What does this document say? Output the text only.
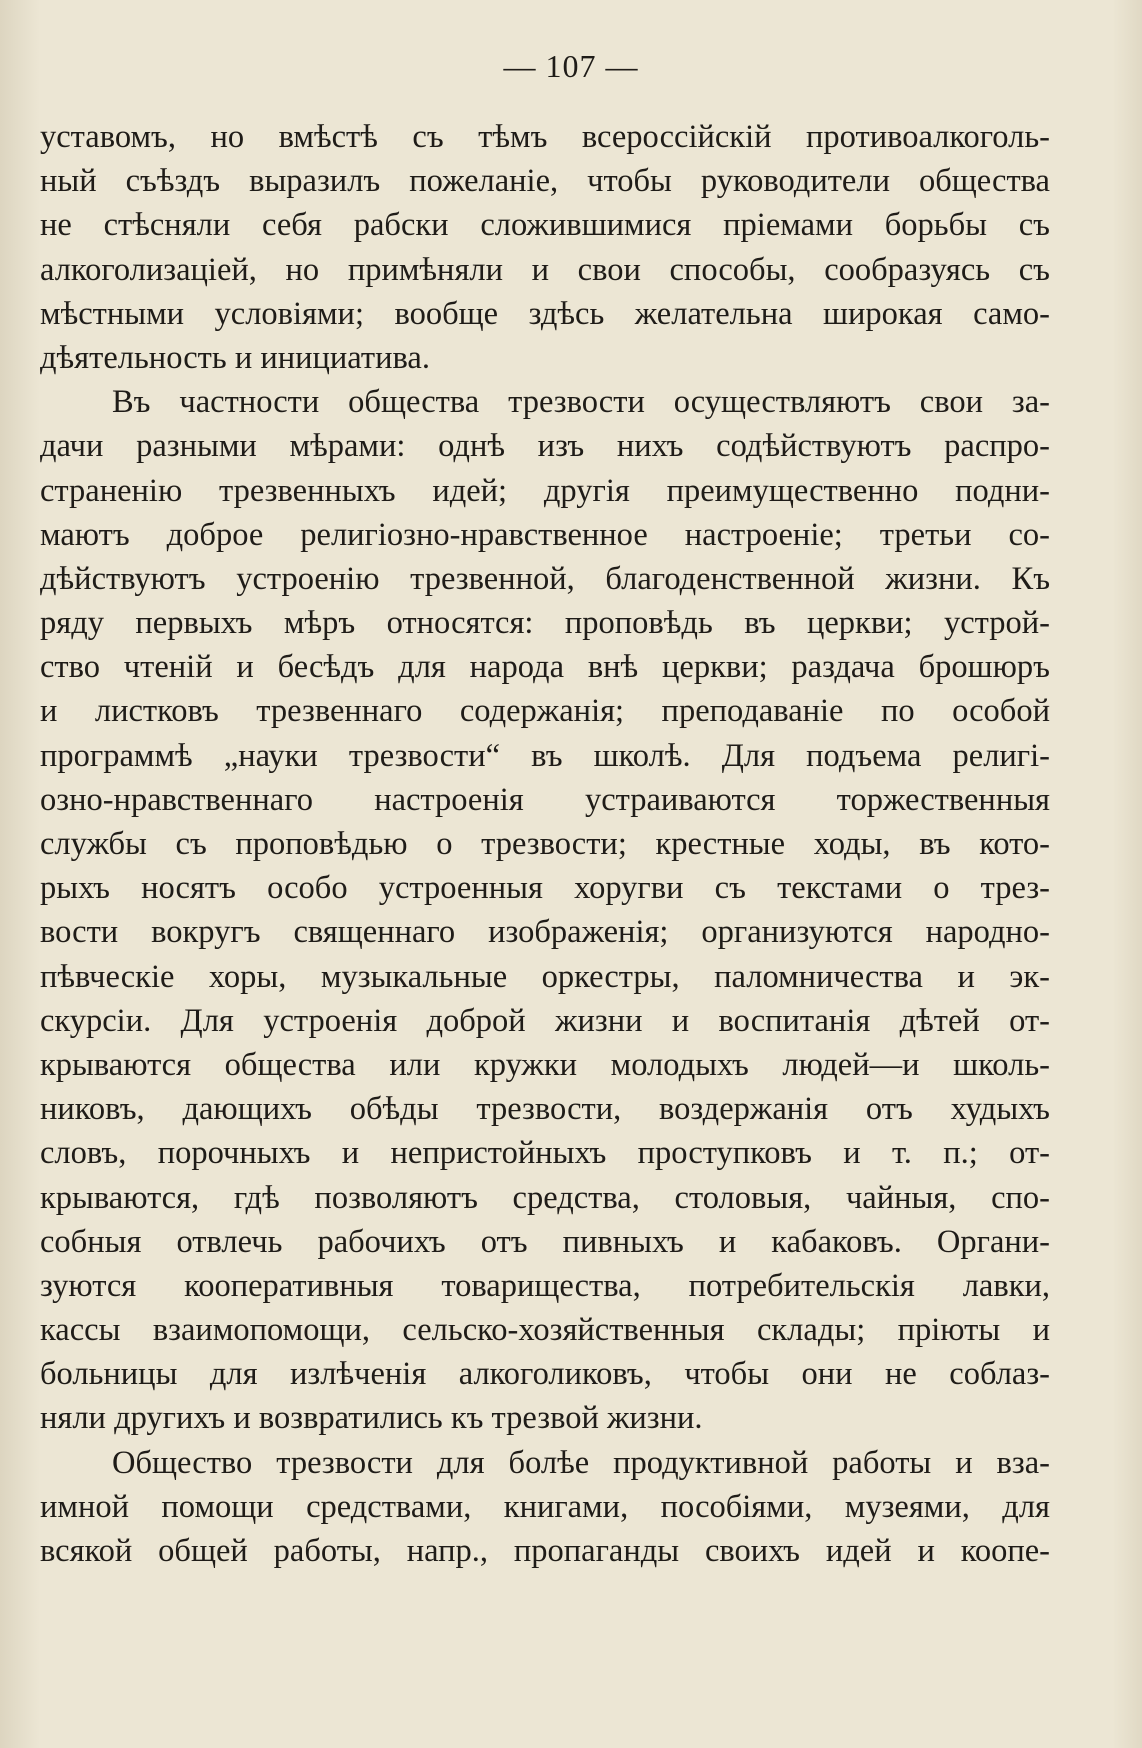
— 107 —
уставомъ, но вмѣстѣ съ тѣмъ всероссiйскiй противоалкоголь-
ный съѣздъ выразилъ пожеланiе, чтобы руководители общества
не стѣсняли себя рабски сложившимися прiемами борьбы съ
алкоголизацiей, но примѣняли и свои способы, сообразуясь съ
мѣстными условiями; вообще здѣсь желательна широкая само-
дѣятельность и инициатива.
Въ частности общества трезвости осуществляютъ свои за-
дачи разными мѣрами: однѣ изъ нихъ содѣйствуютъ распро-
страненiю трезвенныхъ идей; другiя преимущественно подни-
маютъ доброе религiозно-нравственное настроенiе; третьи со-
дѣйствуютъ устроенiю трезвенной, благоденственной жизни. Къ
ряду первыхъ мѣръ относятся: проповѣдь въ церкви; устрой-
ство чтенiй и бесѣдъ для народа внѣ церкви; раздача брошюръ
и листковъ трезвеннаго содержанiя; преподаванiе по особой
программѣ „науки трезвости“ въ школѣ. Для подъема религi-
озно-нравственнаго настроенiя устраиваются торжественныя
службы съ проповѣдью о трезвости; крестные ходы, въ кото-
рыхъ носятъ особо устроенныя хоругви съ текстами о трез-
вости вокругъ священнаго изображенiя; организуются народно-
пѣвческiе хоры, музыкальные оркестры, паломничества и эк-
скурсiи. Для устроенiя доброй жизни и воспитанiя дѣтей от-
крываются общества или кружки молодыхъ людей—и школь-
никовъ, дающихъ обѣды трезвости, воздержанiя отъ худыхъ
словъ, порочныхъ и непристойныхъ проступковъ и т. п.; от-
крываются, гдѣ позволяютъ средства, столовыя, чайныя, спо-
собныя отвлечь рабочихъ отъ пивныхъ и кабаковъ. Органи-
зуются кооперативныя товарищества, потребительскiя лавки,
кассы взаимопомощи, сельско-хозяйственныя склады; прiюты и
больницы для излѣченiя алкоголиковъ, чтобы они не соблаз-
няли другихъ и возвратились къ трезвой жизни.
Общество трезвости для болѣе продуктивной работы и вза-
имной помощи средствами, книгами, пособiями, музеями, для
всякой общей работы, напр., пропаганды своихъ идей и коопе-
